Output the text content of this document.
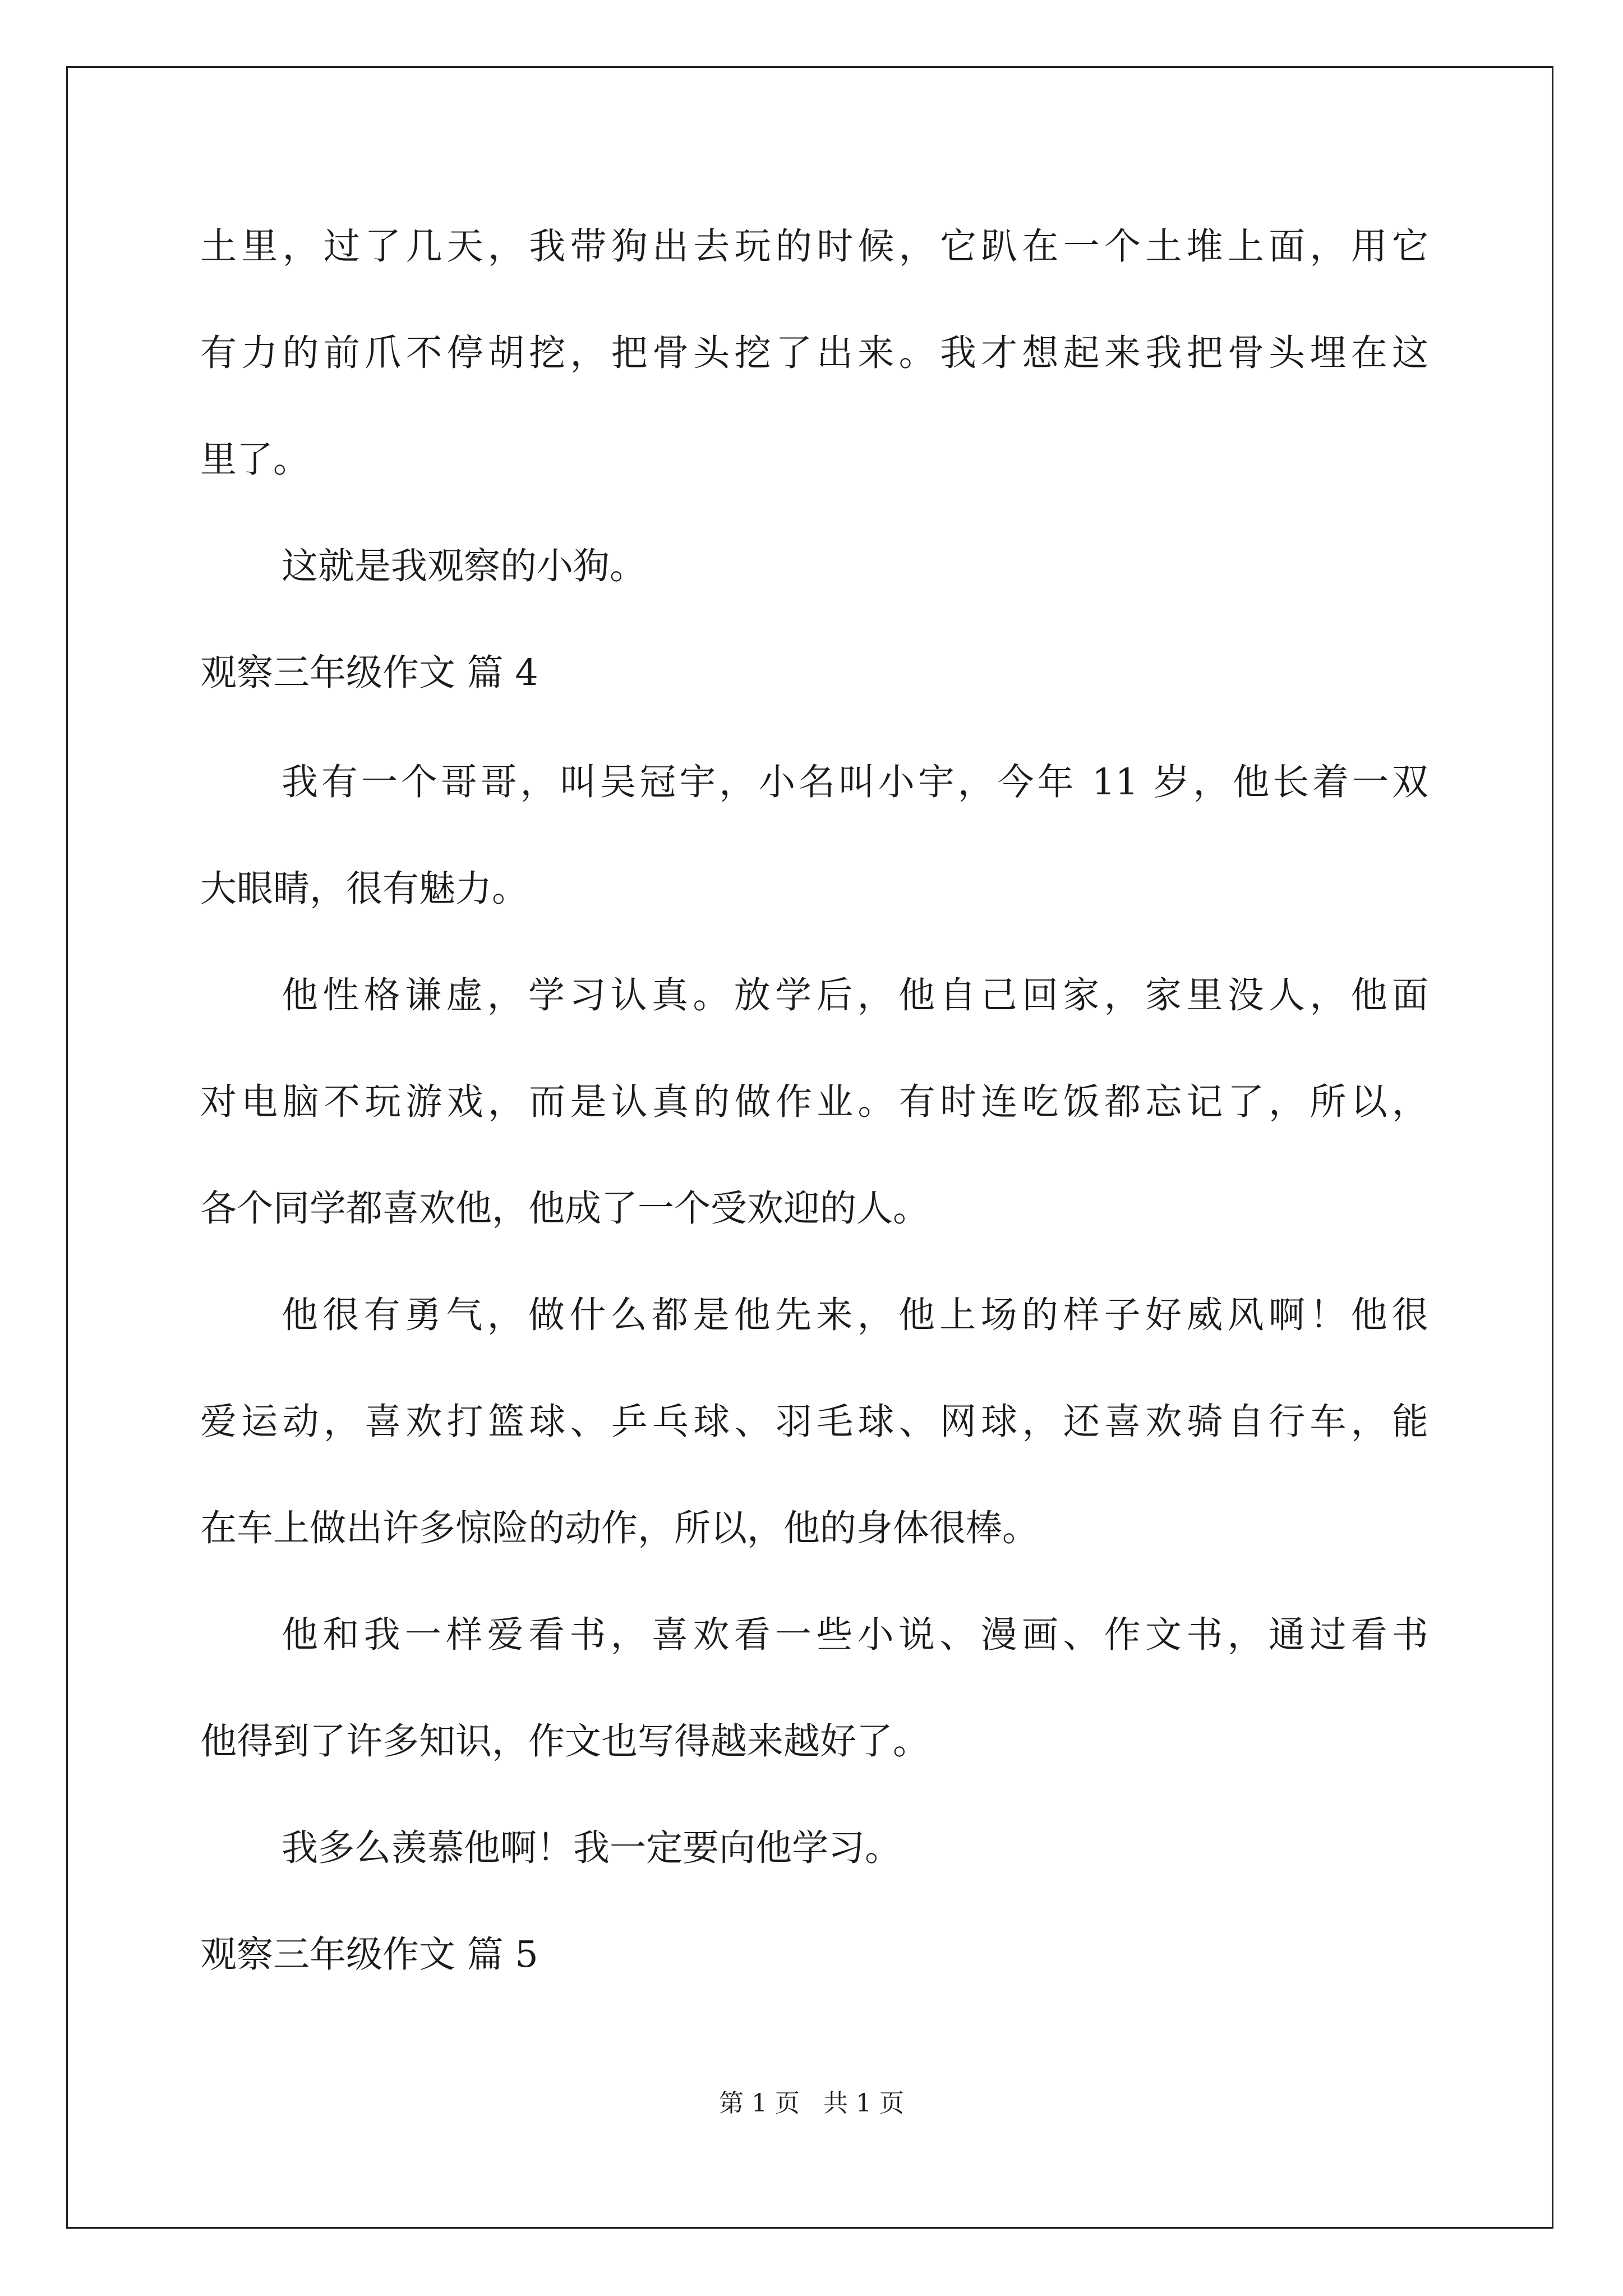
土里，过了几天，我带狗出去玩的时候，它趴在一个土堆上面，用它
有力的前爪不停胡挖，把骨头挖了出来。我才想起来我把骨头埋在这
里了。
这就是我观察的小狗。
观察三年级作文 篇 4
我有一个哥哥，叫吴冠宇，小名叫小宇，今年 11 岁，他长着一双
大眼睛，很有魅力。
他性格谦虚，学习认真。放学后，他自己回家，家里没人，他面
对电脑不玩游戏，而是认真的做作业。有时连吃饭都忘记了，所以，
各个同学都喜欢他，他成了一个受欢迎的人。
他很有勇气，做什么都是他先来，他上场的样子好威风啊！他很
爱运动，喜欢打篮球、乒乓球、羽毛球、网球，还喜欢骑自行车，能
在车上做出许多惊险的动作，所以，他的身体很棒。
他和我一样爱看书，喜欢看一些小说、漫画、作文书，通过看书
他得到了许多知识，作文也写得越来越好了。
我多么羡慕他啊！我一定要向他学习。
观察三年级作文 篇 5
第 1 页   共 1 页
